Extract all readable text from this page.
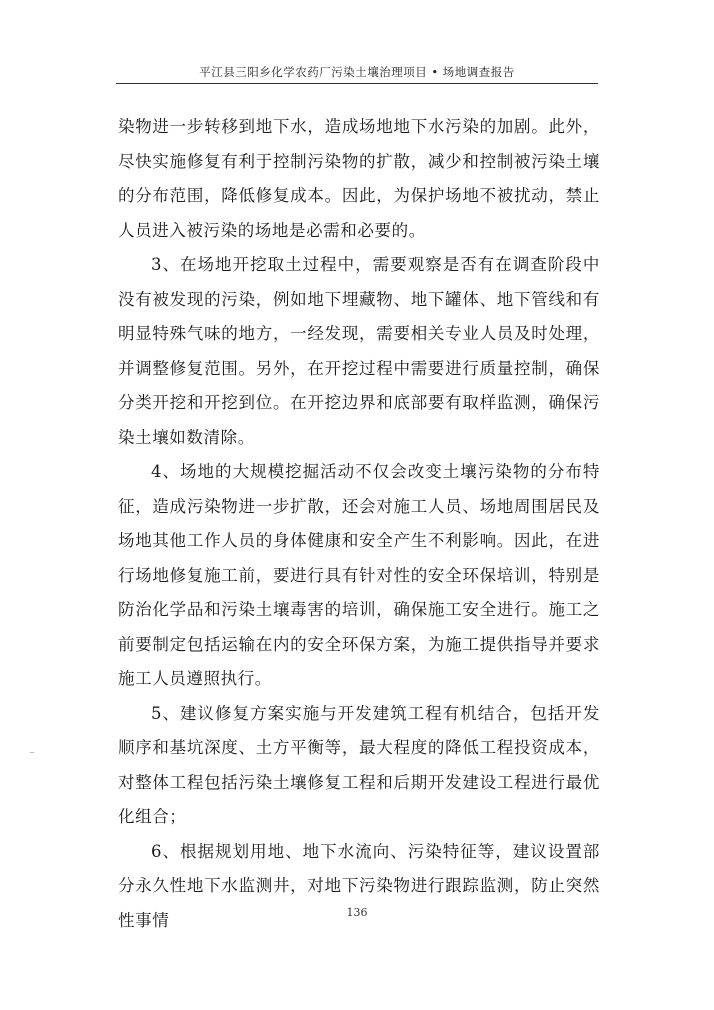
平江县三阳乡化学农药厂污染土壤治理项目 • 场地调查报告

染物进一步转移到地下水，造成场地地下水污染的加剧。此外，尽快实施修复有利于控制污染物的扩散，减少和控制被污染土壤的分布范围，降低修复成本。因此，为保护场地不被扰动，禁止人员进入被污染的场地是必需和必要的。

3、在场地开挖取土过程中，需要观察是否有在调查阶段中没有被发现的污染，例如地下埋藏物、地下罐体、地下管线和有明显特殊气味的地方，一经发现，需要相关专业人员及时处理，并调整修复范围。另外，在开挖过程中需要进行质量控制，确保分类开挖和开挖到位。在开挖边界和底部要有取样监测，确保污染土壤如数清除。

4、场地的大规模挖掘活动不仅会改变土壤污染物的分布特征，造成污染物进一步扩散，还会对施工人员、场地周围居民及场地其他工作人员的身体健康和安全产生不利影响。因此，在进行场地修复施工前，要进行具有针对性的安全环保培训，特别是防治化学品和污染土壤毒害的培训，确保施工安全进行。施工之前要制定包括运输在内的安全环保方案，为施工提供指导并要求施工人员遵照执行。

5、建议修复方案实施与开发建筑工程有机结合，包括开发顺序和基坑深度、土方平衡等，最大程度的降低工程投资成本，对整体工程包括污染土壤修复工程和后期开发建设工程进行最优化组合；

6、根据规划用地、地下水流向、污染特征等，建议设置部分永久性地下水监测井，对地下污染物进行跟踪监测，防止突然性事情	136
